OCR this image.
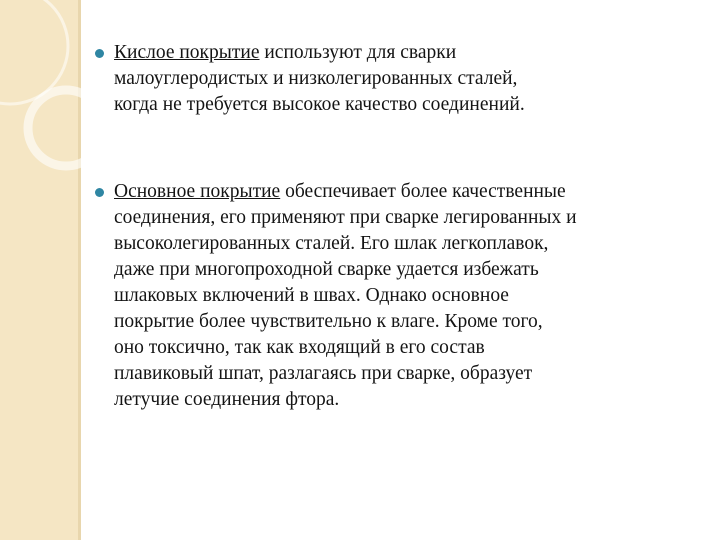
Кислое покрытие используют для сварки
малоуглеродистых и низколегированных сталей,
когда не требуется высокое качество соединений.
Основное покрытие обеспечивает более качественные
соединения, его применяют при сварке легированных и
высоколегированных сталей. Его шлак легкоплавок,
даже при многопроходной сварке удается избежать
шлаковых включений в швах. Однако основное
покрытие более чувствительно к влаге. Кроме того,
оно токсично, так как входящий в его состав
плавиковый шпат, разлагаясь при сварке, образует
летучие соединения фтора.
